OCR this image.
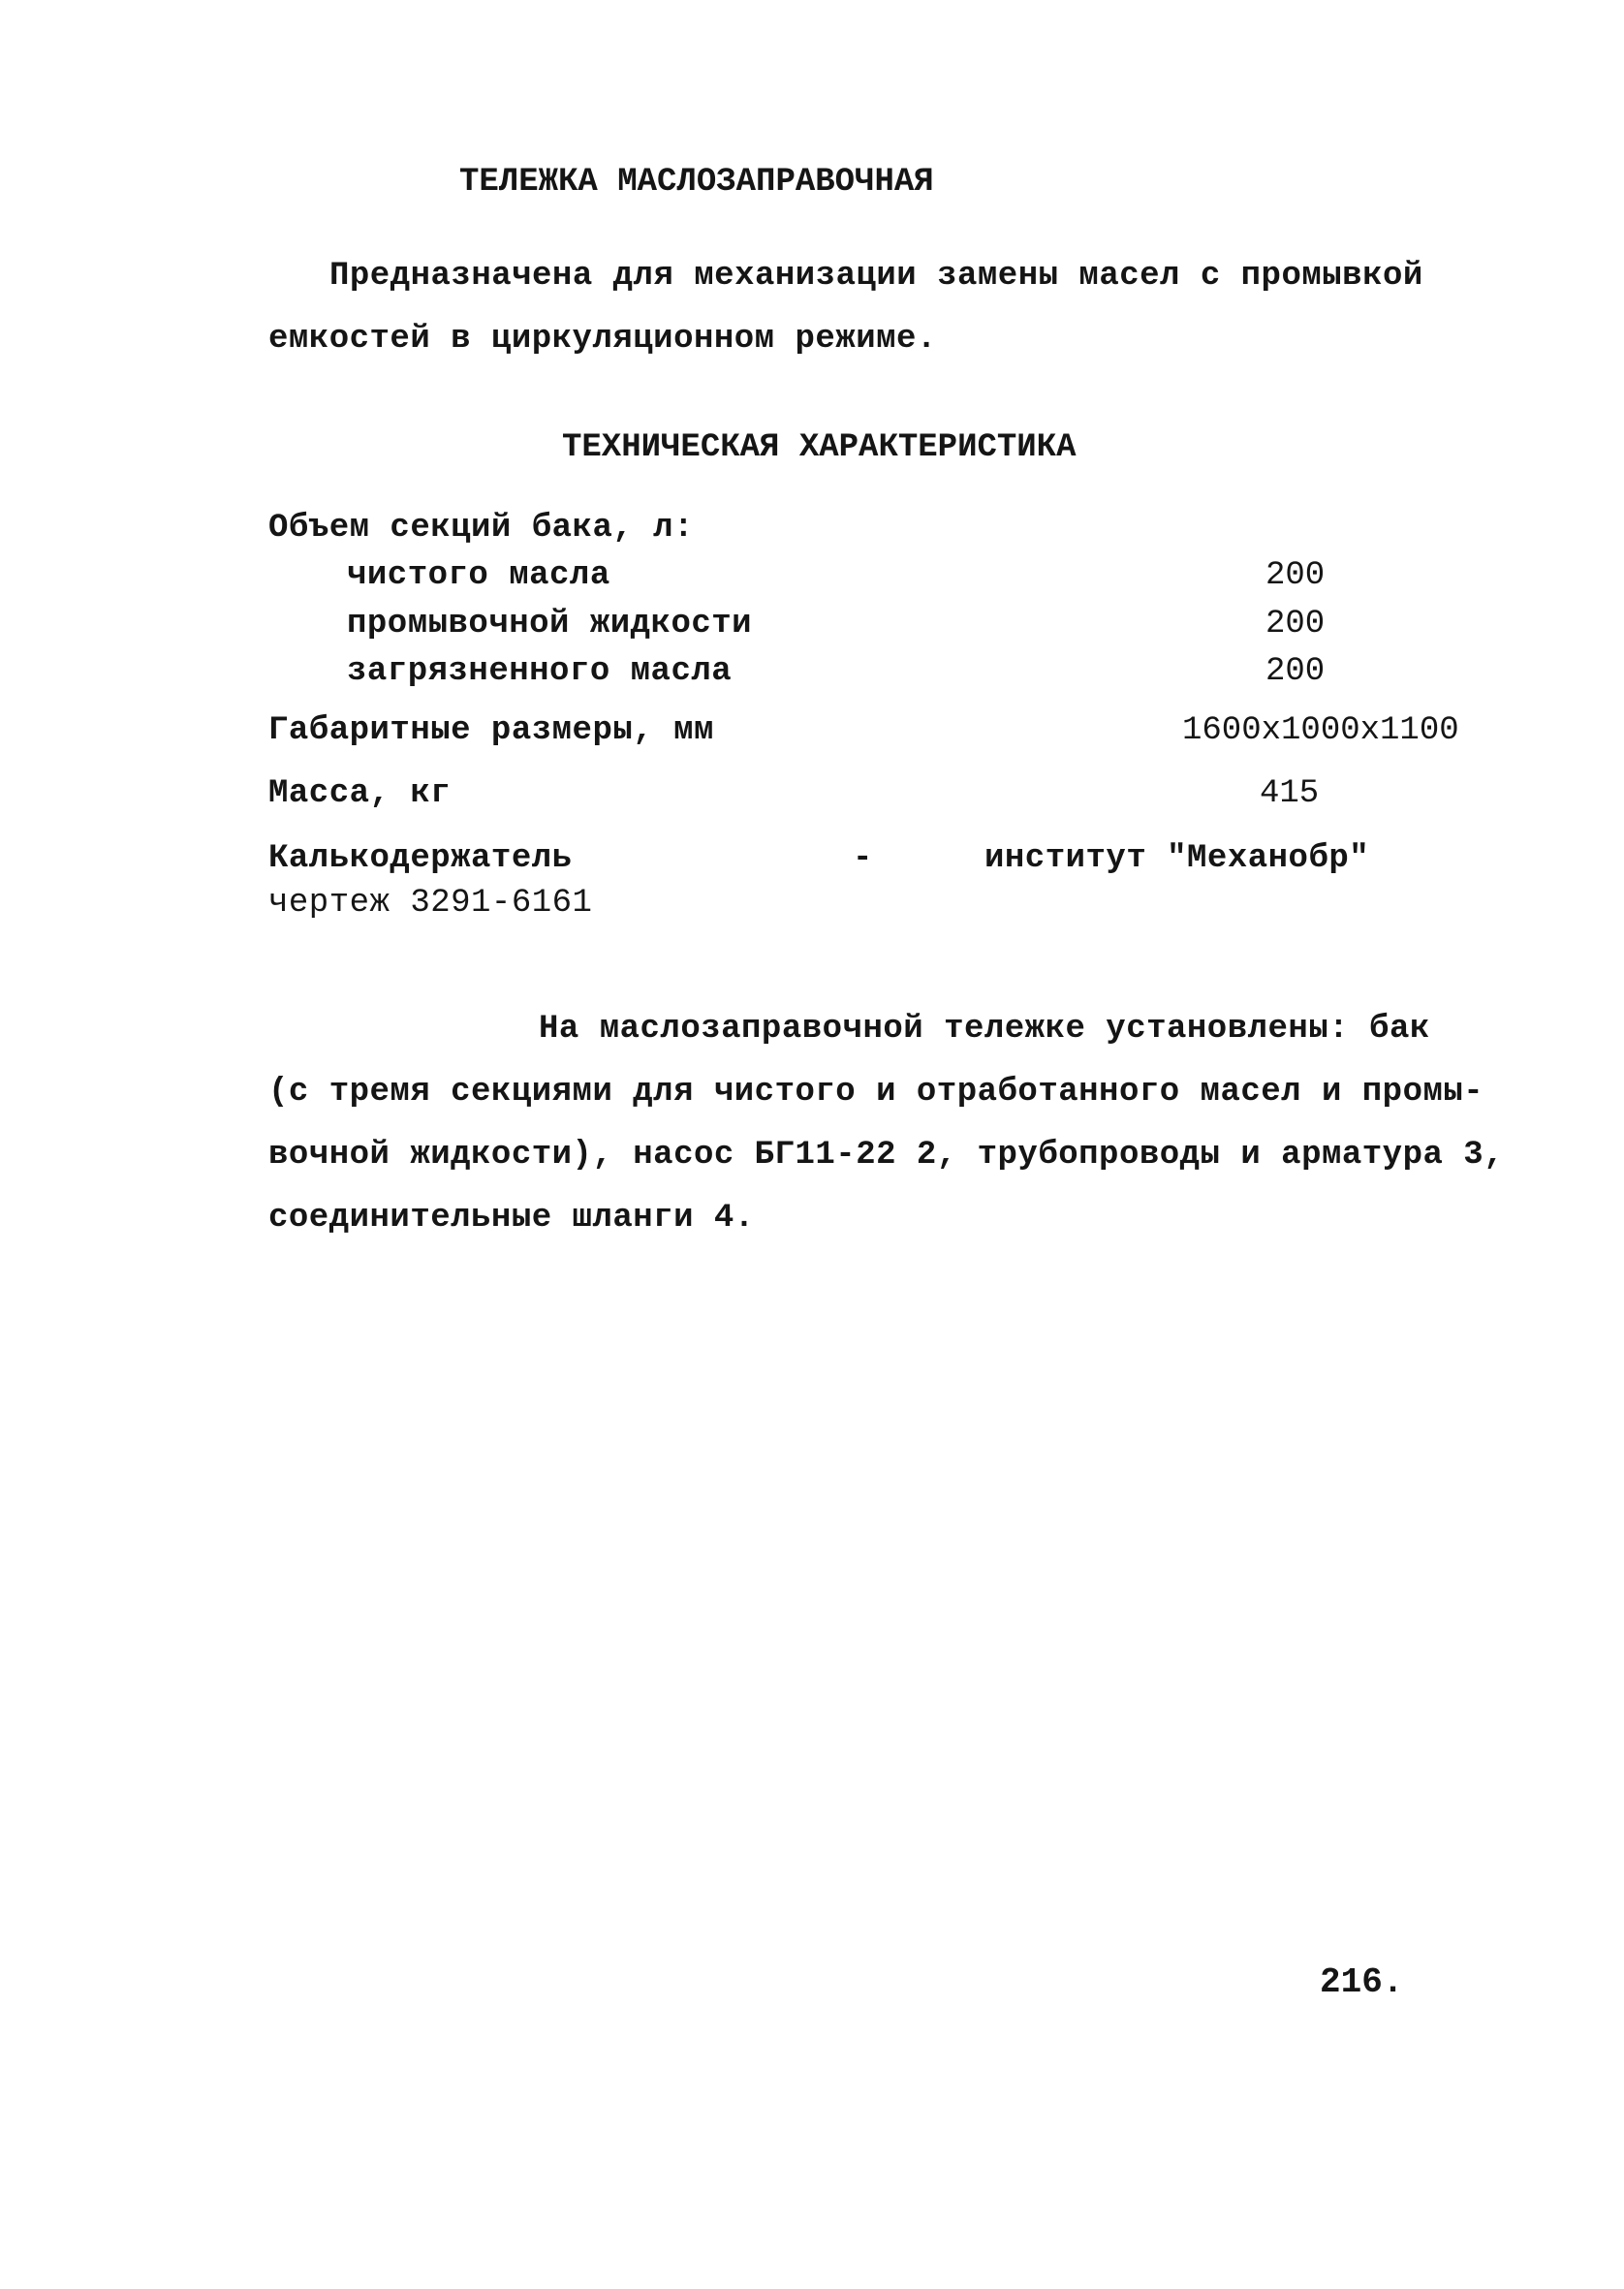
ТЕЛЕЖКА МАСЛОЗАПРАВОЧНАЯ
Предназначена для механизации замены масел с промывкой
емкостей в циркуляционном режиме.
ТЕХНИЧЕСКАЯ ХАРАКТЕРИСТИКА
Объем секций бака, л:
чистого масла	200
промывочной жидкости	200
загрязненного масла	200
Габаритные размеры, мм	1600x1000x1100
Масса, кг	415
Калькодержатель	-	институт "Механобр"
чертеж 3291-6161
На маслозаправочной тележке установлены: бак
(с тремя секциями для чистого и отработанного масел и промы-
вочной жидкости), насос БГ11-22 2, трубопроводы и арматура 3,
соединительные шланги 4.
216.
